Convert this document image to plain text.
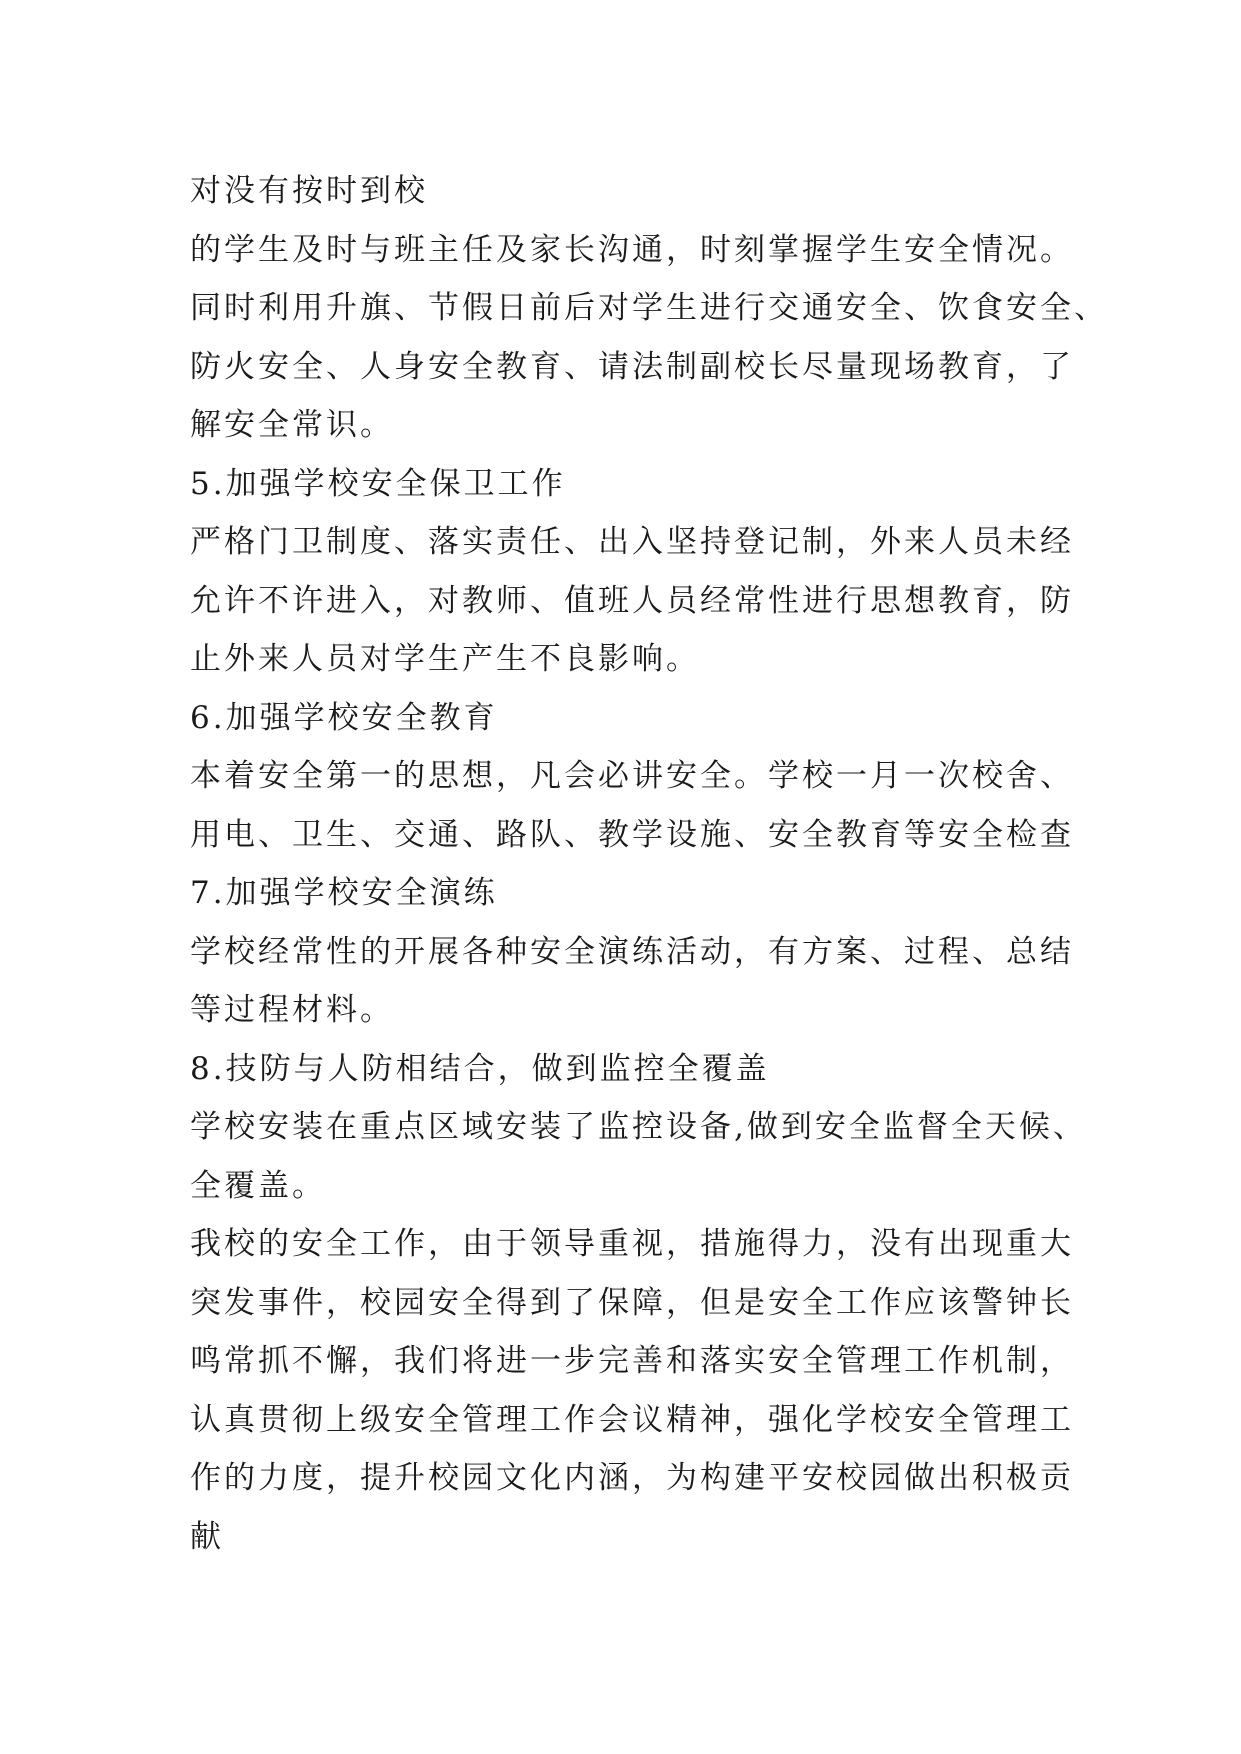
对没有按时到校
的学生及时与班主任及家长沟通，时刻掌握学生安全情况。
同时利用升旗、节假日前后对学生进行交通安全、饮食安全、
防火安全、人身安全教育、请法制副校长尽量现场教育，了
解安全常识。
5.加强学校安全保卫工作
严格门卫制度、落实责任、出入坚持登记制，外来人员未经
允许不许进入，对教师、值班人员经常性进行思想教育，防
止外来人员对学生产生不良影响。
6.加强学校安全教育
本着安全第一的思想，凡会必讲安全。学校一月一次校舍、
用电、卫生、交通、路队、教学设施、安全教育等安全检查
7.加强学校安全演练
学校经常性的开展各种安全演练活动，有方案、过程、总结
等过程材料。
8.技防与人防相结合，做到监控全覆盖
学校安装在重点区域安装了监控设备,做到安全监督全天候、
全覆盖。
我校的安全工作，由于领导重视，措施得力，没有出现重大
突发事件，校园安全得到了保障，但是安全工作应该警钟长
鸣常抓不懈，我们将进一步完善和落实安全管理工作机制，
认真贯彻上级安全管理工作会议精神，强化学校安全管理工
作的力度，提升校园文化内涵，为构建平安校园做出积极贡
献
